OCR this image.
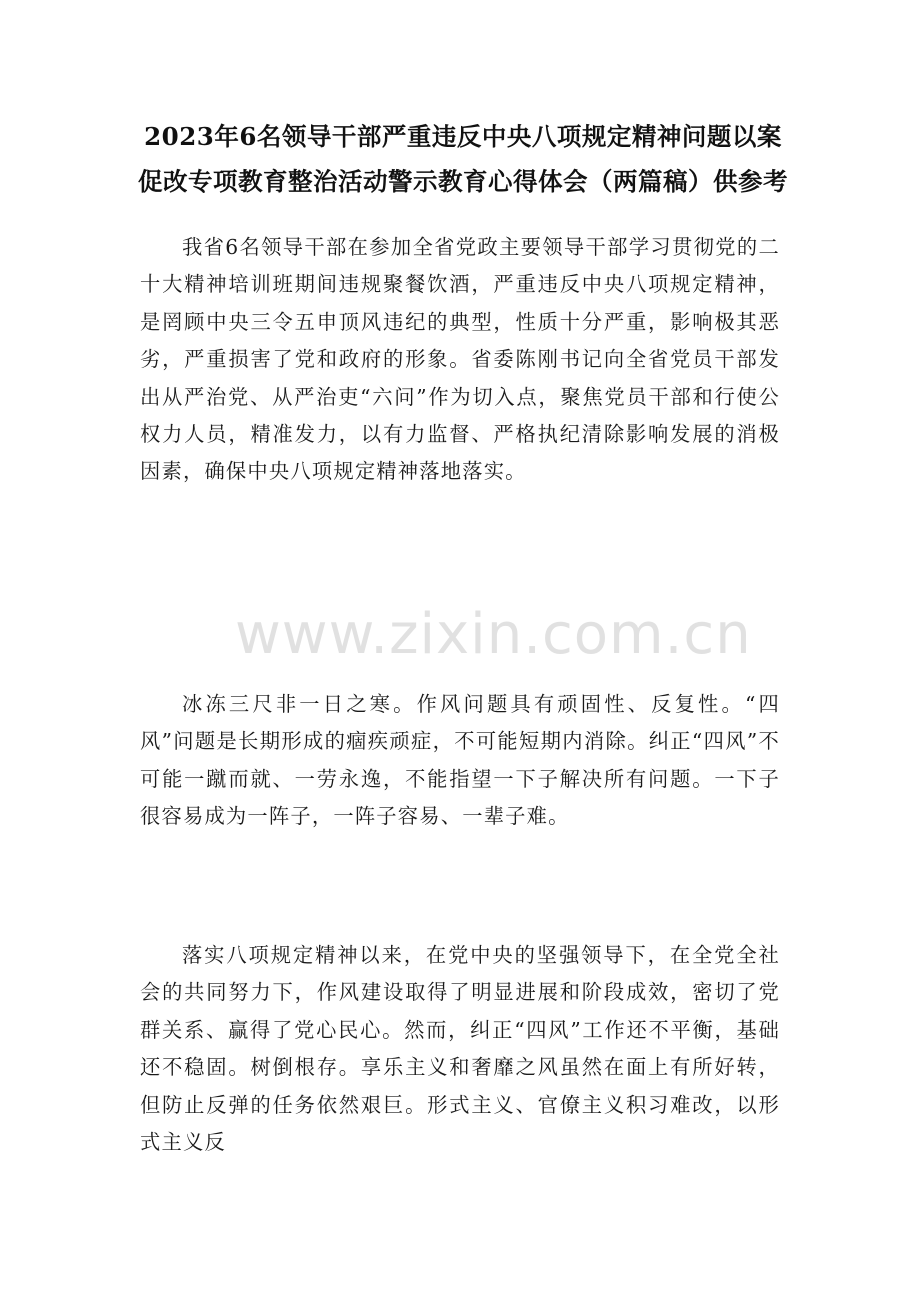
2023年6名领导干部严重违反中央八项规定精神问题以案促改专项教育整治活动警示教育心得体会（两篇稿）供参考

我省6名领导干部在参加全省党政主要领导干部学习贯彻党的二十大精神培训班期间违规聚餐饮酒，严重违反中央八项规定精神，是罔顾中央三令五申顶风违纪的典型，性质十分严重，影响极其恶劣，严重损害了党和政府的形象。省委陈刚书记向全省党员干部发出从严治党、从严治吏“六问”作为切入点，聚焦党员干部和行使公权力人员，精准发力，以有力监督、严格执纪清除影响发展的消极因素，确保中央八项规定精神落地落实。

冰冻三尺非一日之寒。作风问题具有顽固性、反复性。“四风”问题是长期形成的痼疾顽症，不可能短期内消除。纠正“四风”不可能一蹴而就、一劳永逸，不能指望一下子解决所有问题。一下子很容易成为一阵子，一阵子容易、一辈子难。

落实八项规定精神以来，在党中央的坚强领导下，在全党全社会的共同努力下，作风建设取得了明显进展和阶段成效，密切了党群关系、赢得了党心民心。然而，纠正“四风”工作还不平衡，基础还不稳固。树倒根存。享乐主义和奢靡之风虽然在面上有所好转，但防止反弹的任务依然艰巨。形式主义、官僚主义积习难改，以形式主义反

www.zixin.com.cn
